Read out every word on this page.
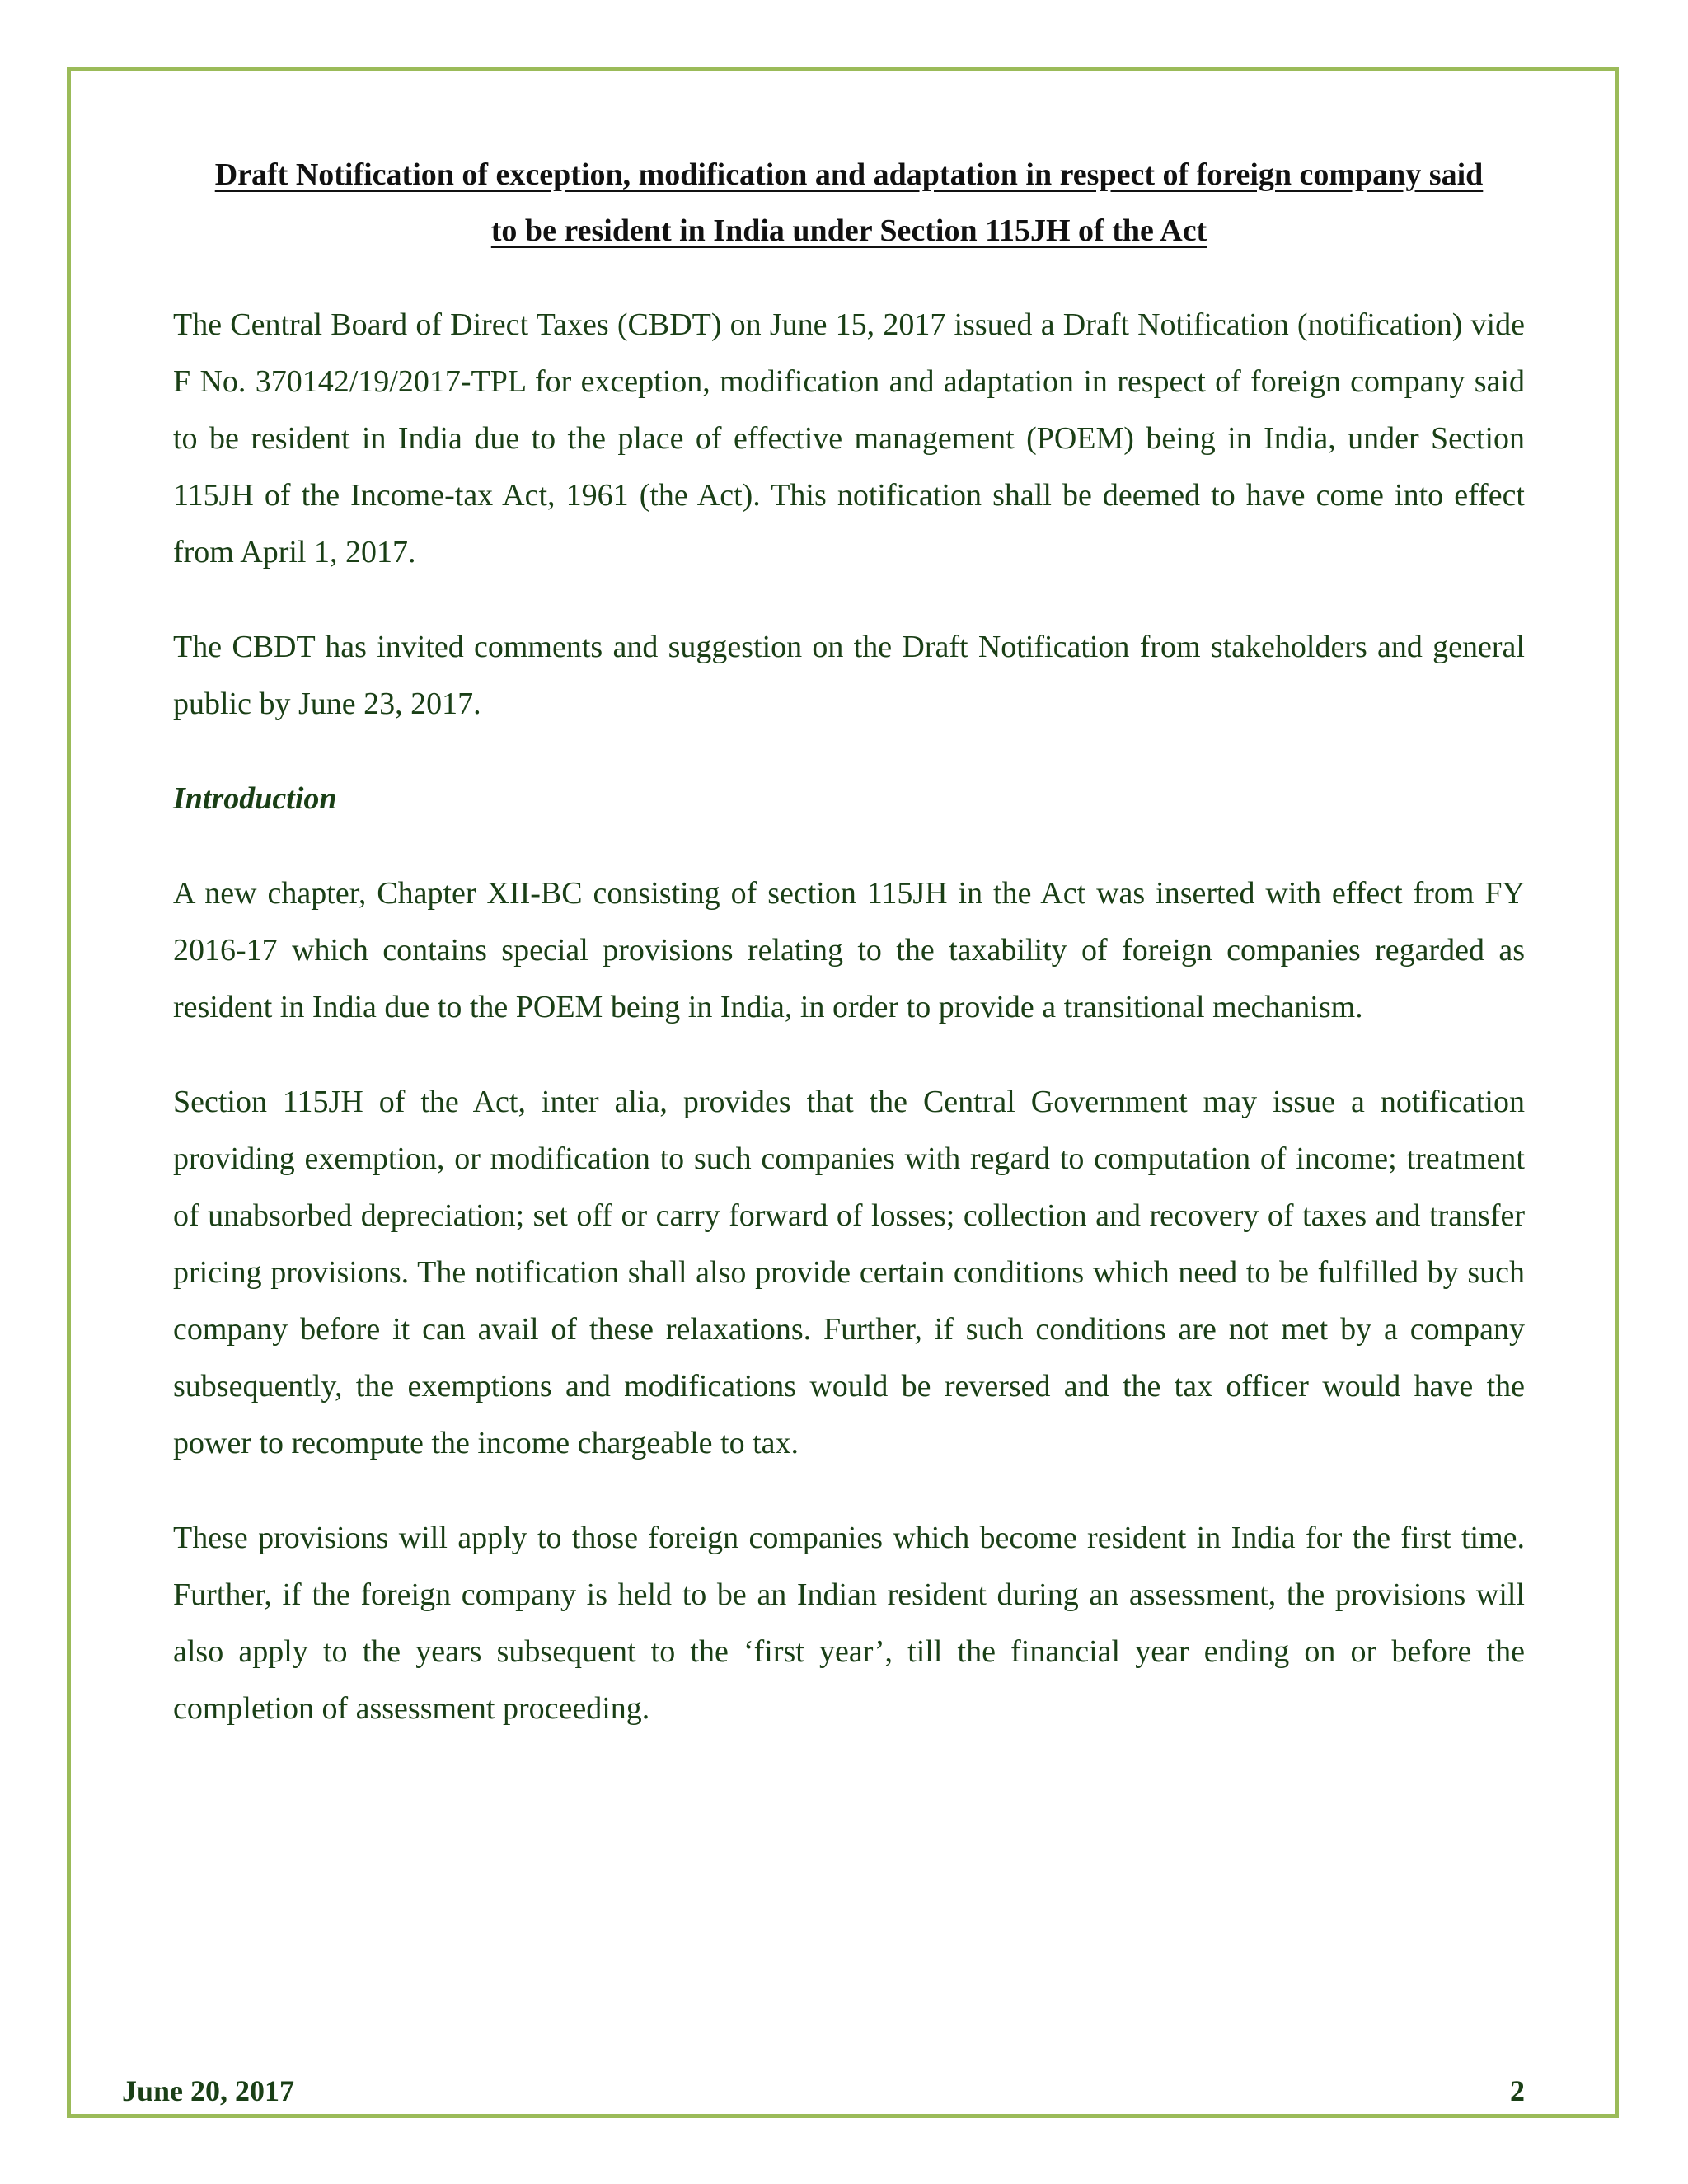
Draft Notification of exception, modification and adaptation in respect of foreign company said
to be resident in India under Section 115JH of the Act

The Central Board of Direct Taxes (CBDT) on June 15, 2017 issued a Draft Notification (notification) vide F No. 370142/19/2017-TPL for exception, modification and adaptation in respect of foreign company said to be resident in India due to the place of effective management (POEM) being in India, under Section 115JH of the Income-tax Act, 1961 (the Act). This notification shall be deemed to have come into effect from April 1, 2017.

The CBDT has invited comments and suggestion on the Draft Notification from stakeholders and general public by June 23, 2017.

Introduction

A new chapter, Chapter XII-BC consisting of section 115JH in the Act was inserted with effect from FY 2016-17 which contains special provisions relating to the taxability of foreign companies regarded as resident in India due to the POEM being in India, in order to provide a transitional mechanism.

Section 115JH of the Act, inter alia, provides that the Central Government may issue a notification providing exemption, or modification to such companies with regard to computation of income; treatment of unabsorbed depreciation; set off or carry forward of losses; collection and recovery of taxes and transfer pricing provisions. The notification shall also provide certain conditions which need to be fulfilled by such company before it can avail of these relaxations. Further, if such conditions are not met by a company subsequently, the exemptions and modifications would be reversed and the tax officer would have the power to recompute the income chargeable to tax.

These provisions will apply to those foreign companies which become resident in India for the first time. Further, if the foreign company is held to be an Indian resident during an assessment, the provisions will also apply to the years subsequent to the ‘first year’, till the financial year ending on or before the completion of assessment proceeding.

June 20, 2017	2
